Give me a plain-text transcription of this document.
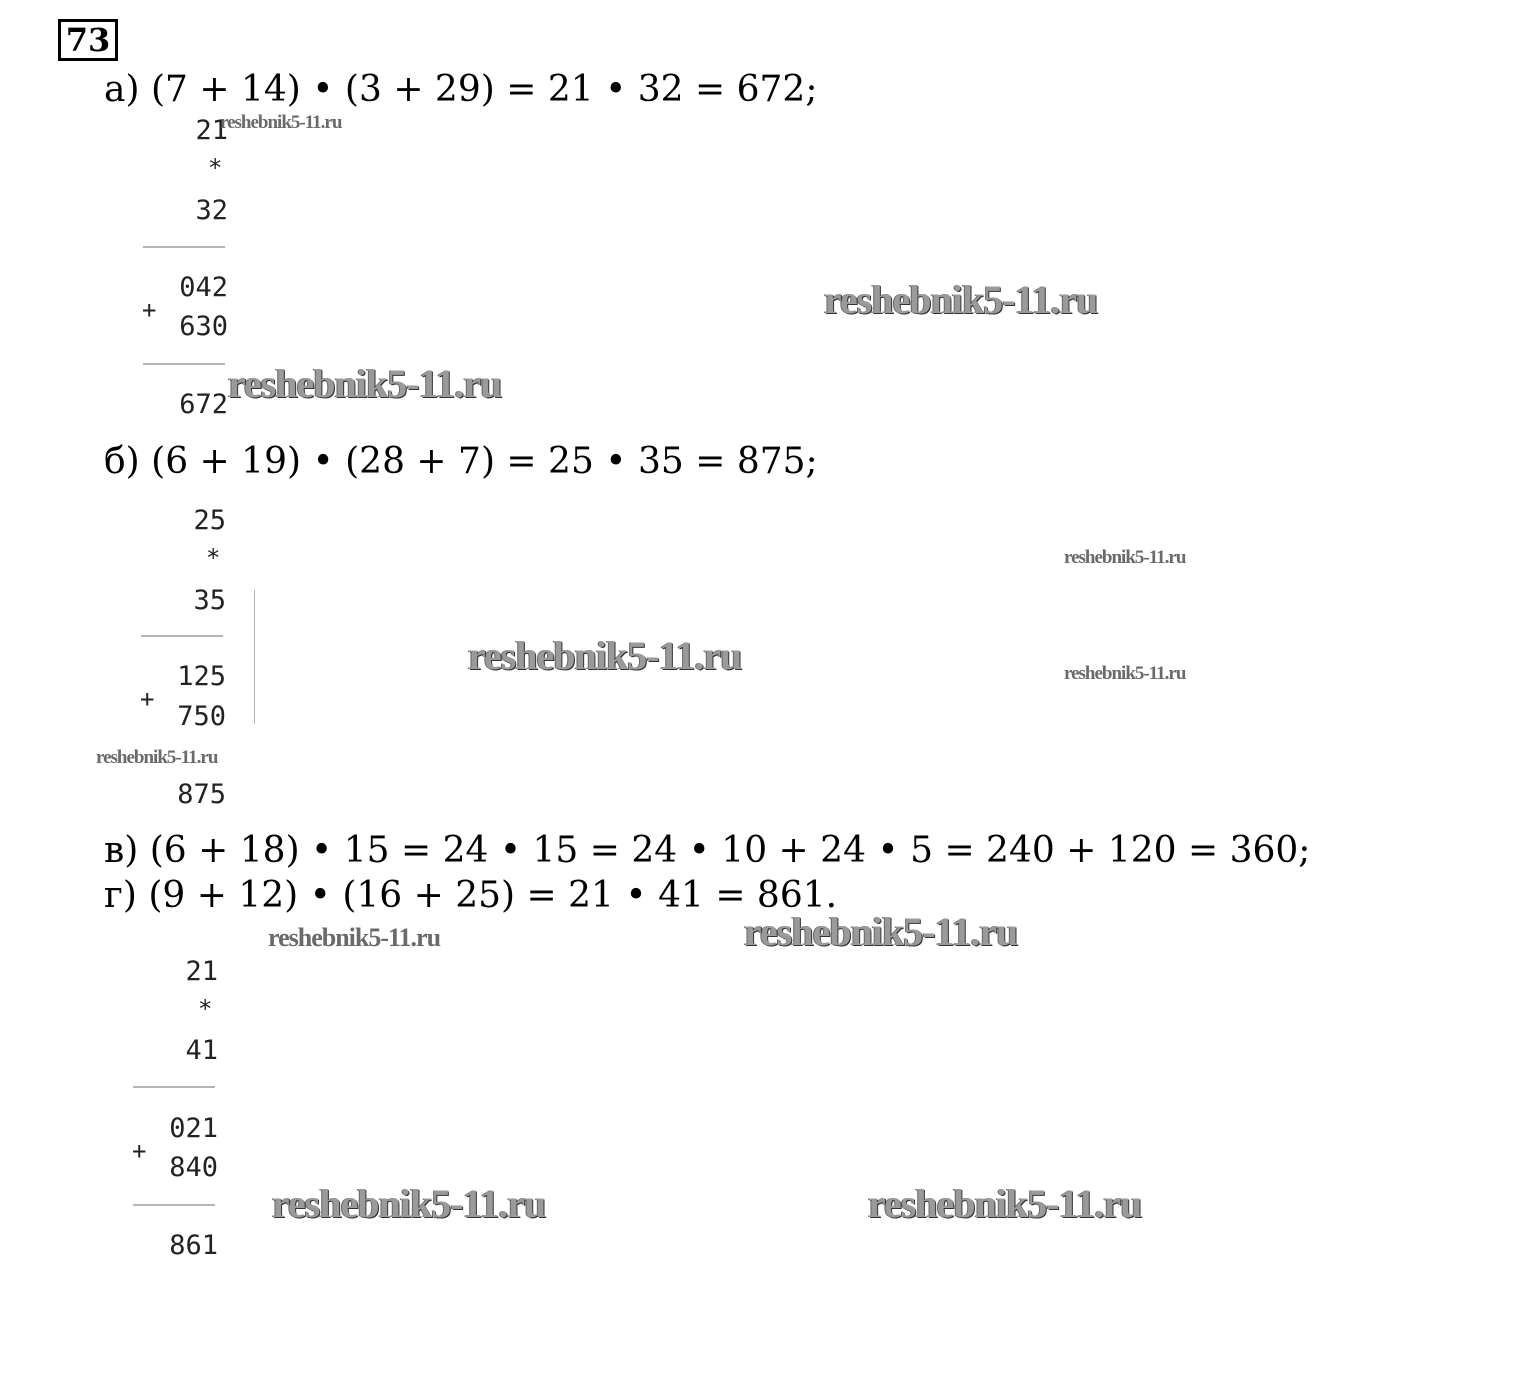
73
а) (7 + 14) • (3 + 29) = 21 • 32 = 672;
21
*
32
042
+
630
672
б) (6 + 19) • (28 + 7) = 25 • 35 = 875;
25
*
35
125
+
750
875
в) (6 + 18) • 15 = 24 • 15 = 24 • 10 + 24 • 5 = 240 + 120 = 360;
г) (9 + 12) • (16 + 25) = 21 • 41 = 861.
21
*
41
021
+
840
861
reshebnik5-11.ru
reshebnik5-11.ru
reshebnik5-11.ru
reshebnik5-11.ru
reshebnik5-11.ru	reshebnik5-11.ru
reshebnik5-11.ru
reshebnik5-11.ru	reshebnik5-11.ru
reshebnik5-11.ru	reshebnik5-11.ru
